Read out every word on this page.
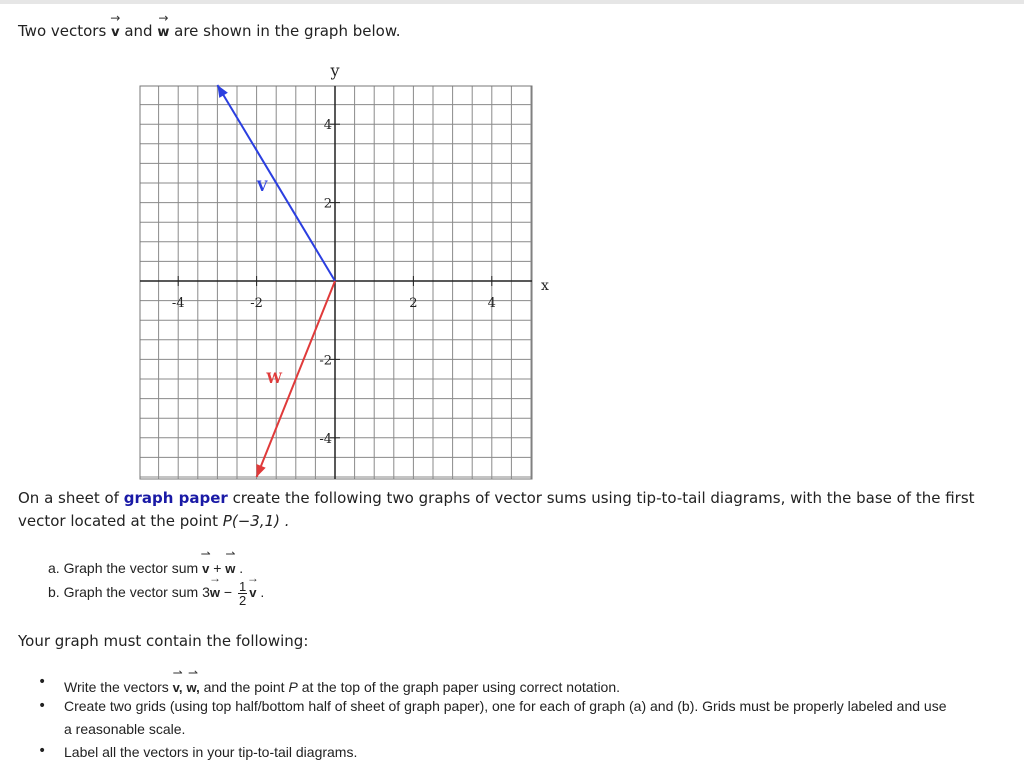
Two vectors
→
v and
→
w are shown in the graph below.
-4	-2	2	4
4
2
-2
-4
y
x
V
W
On a sheet of graph paper create the following two graphs of vector sums using tip-to-tail diagrams, with the base of the first
vector located at the point P(−3,1) .
a. Graph the vector sum
⇀
v +
⇀
w .
b. Graph the vector sum 3
→
$w - \frac{1}{2}$
→
v .
Your graph must contain the following:
• Write the vectors
⇀
v,
⇀
w, and the point P at the top of the graph paper using correct notation.
• Create two grids (using top half/bottom half of sheet of graph paper), one for each of graph (a) and (b). Grids must be properly labeled and use
a reasonable scale.
• Label all the vectors in your tip-to-tail diagrams.
